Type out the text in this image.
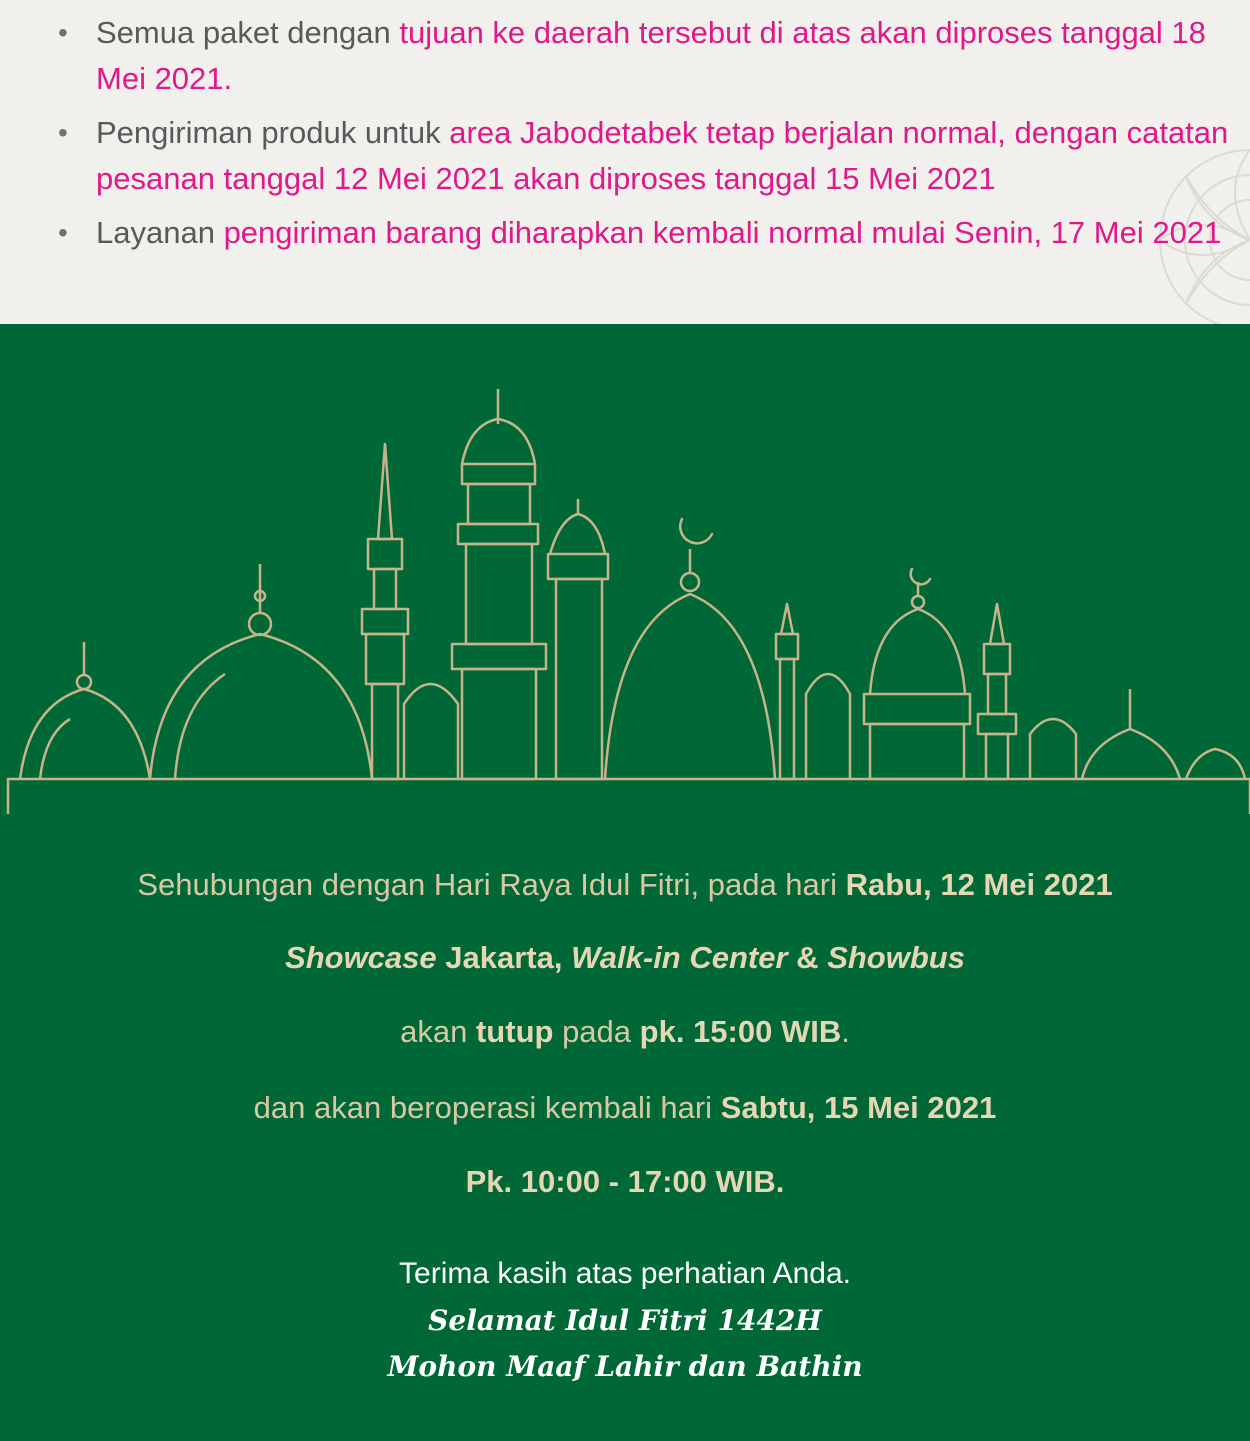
• Semua paket dengan tujuan ke daerah tersebut di atas akan diproses tanggal 18 Mei 2021.
• Pengiriman produk untuk area Jabodetabek tetap berjalan normal, dengan catatan pesanan tanggal 12 Mei 2021 akan diproses tanggal 15 Mei 2021
• Layanan pengiriman barang diharapkan kembali normal mulai Senin, 17 Mei 2021
Sehubungan dengan Hari Raya Idul Fitri, pada hari Rabu, 12 Mei 2021
Showcase Jakarta, Walk-in Center & Showbus
akan tutup pada pk. 15:00 WIB.
dan akan beroperasi kembali hari Sabtu, 15 Mei 2021
Pk. 10:00 - 17:00 WIB.
Terima kasih atas perhatian Anda.
Selamat Idul Fitri 1442H
Mohon Maaf Lahir dan Bathin
